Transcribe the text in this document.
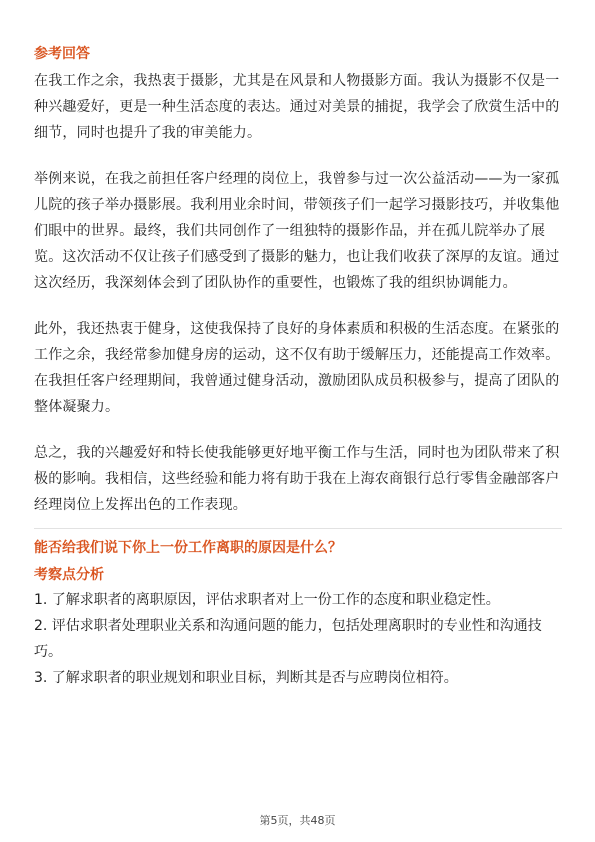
参考回答

在我工作之余，我热衷于摄影，尤其是在风景和人物摄影方面。我认为摄影不仅是一种兴趣爱好，更是一种生活态度的表达。通过对美景的捕捉，我学会了欣赏生活中的细节，同时也提升了我的审美能力。

举例来说，在我之前担任客户经理的岗位上，我曾参与过一次公益活动——为一家孤儿院的孩子举办摄影展。我利用业余时间，带领孩子们一起学习摄影技巧，并收集他们眼中的世界。最终，我们共同创作了一组独特的摄影作品，并在孤儿院举办了展览。这次活动不仅让孩子们感受到了摄影的魅力，也让我们收获了深厚的友谊。通过这次经历，我深刻体会到了团队协作的重要性，也锻炼了我的组织协调能力。

此外，我还热衷于健身，这使我保持了良好的身体素质和积极的生活态度。在紧张的工作之余，我经常参加健身房的运动，这不仅有助于缓解压力，还能提高工作效率。在我担任客户经理期间，我曾通过健身活动，激励团队成员积极参与，提高了团队的整体凝聚力。

总之，我的兴趣爱好和特长使我能够更好地平衡工作与生活，同时也为团队带来了积极的影响。我相信，这些经验和能力将有助于我在上海农商银行总行零售金融部客户经理岗位上发挥出色的工作表现。

能否给我们说下你上一份工作离职的原因是什么？
考察点分析

1. 了解求职者的离职原因，评估求职者对上一份工作的态度和职业稳定性。

2. 评估求职者处理职业关系和沟通问题的能力，包括处理离职时的专业性和沟通技巧。

3. 了解求职者的职业规划和职业目标，判断其是否与应聘岗位相符。

第5页，共48页
